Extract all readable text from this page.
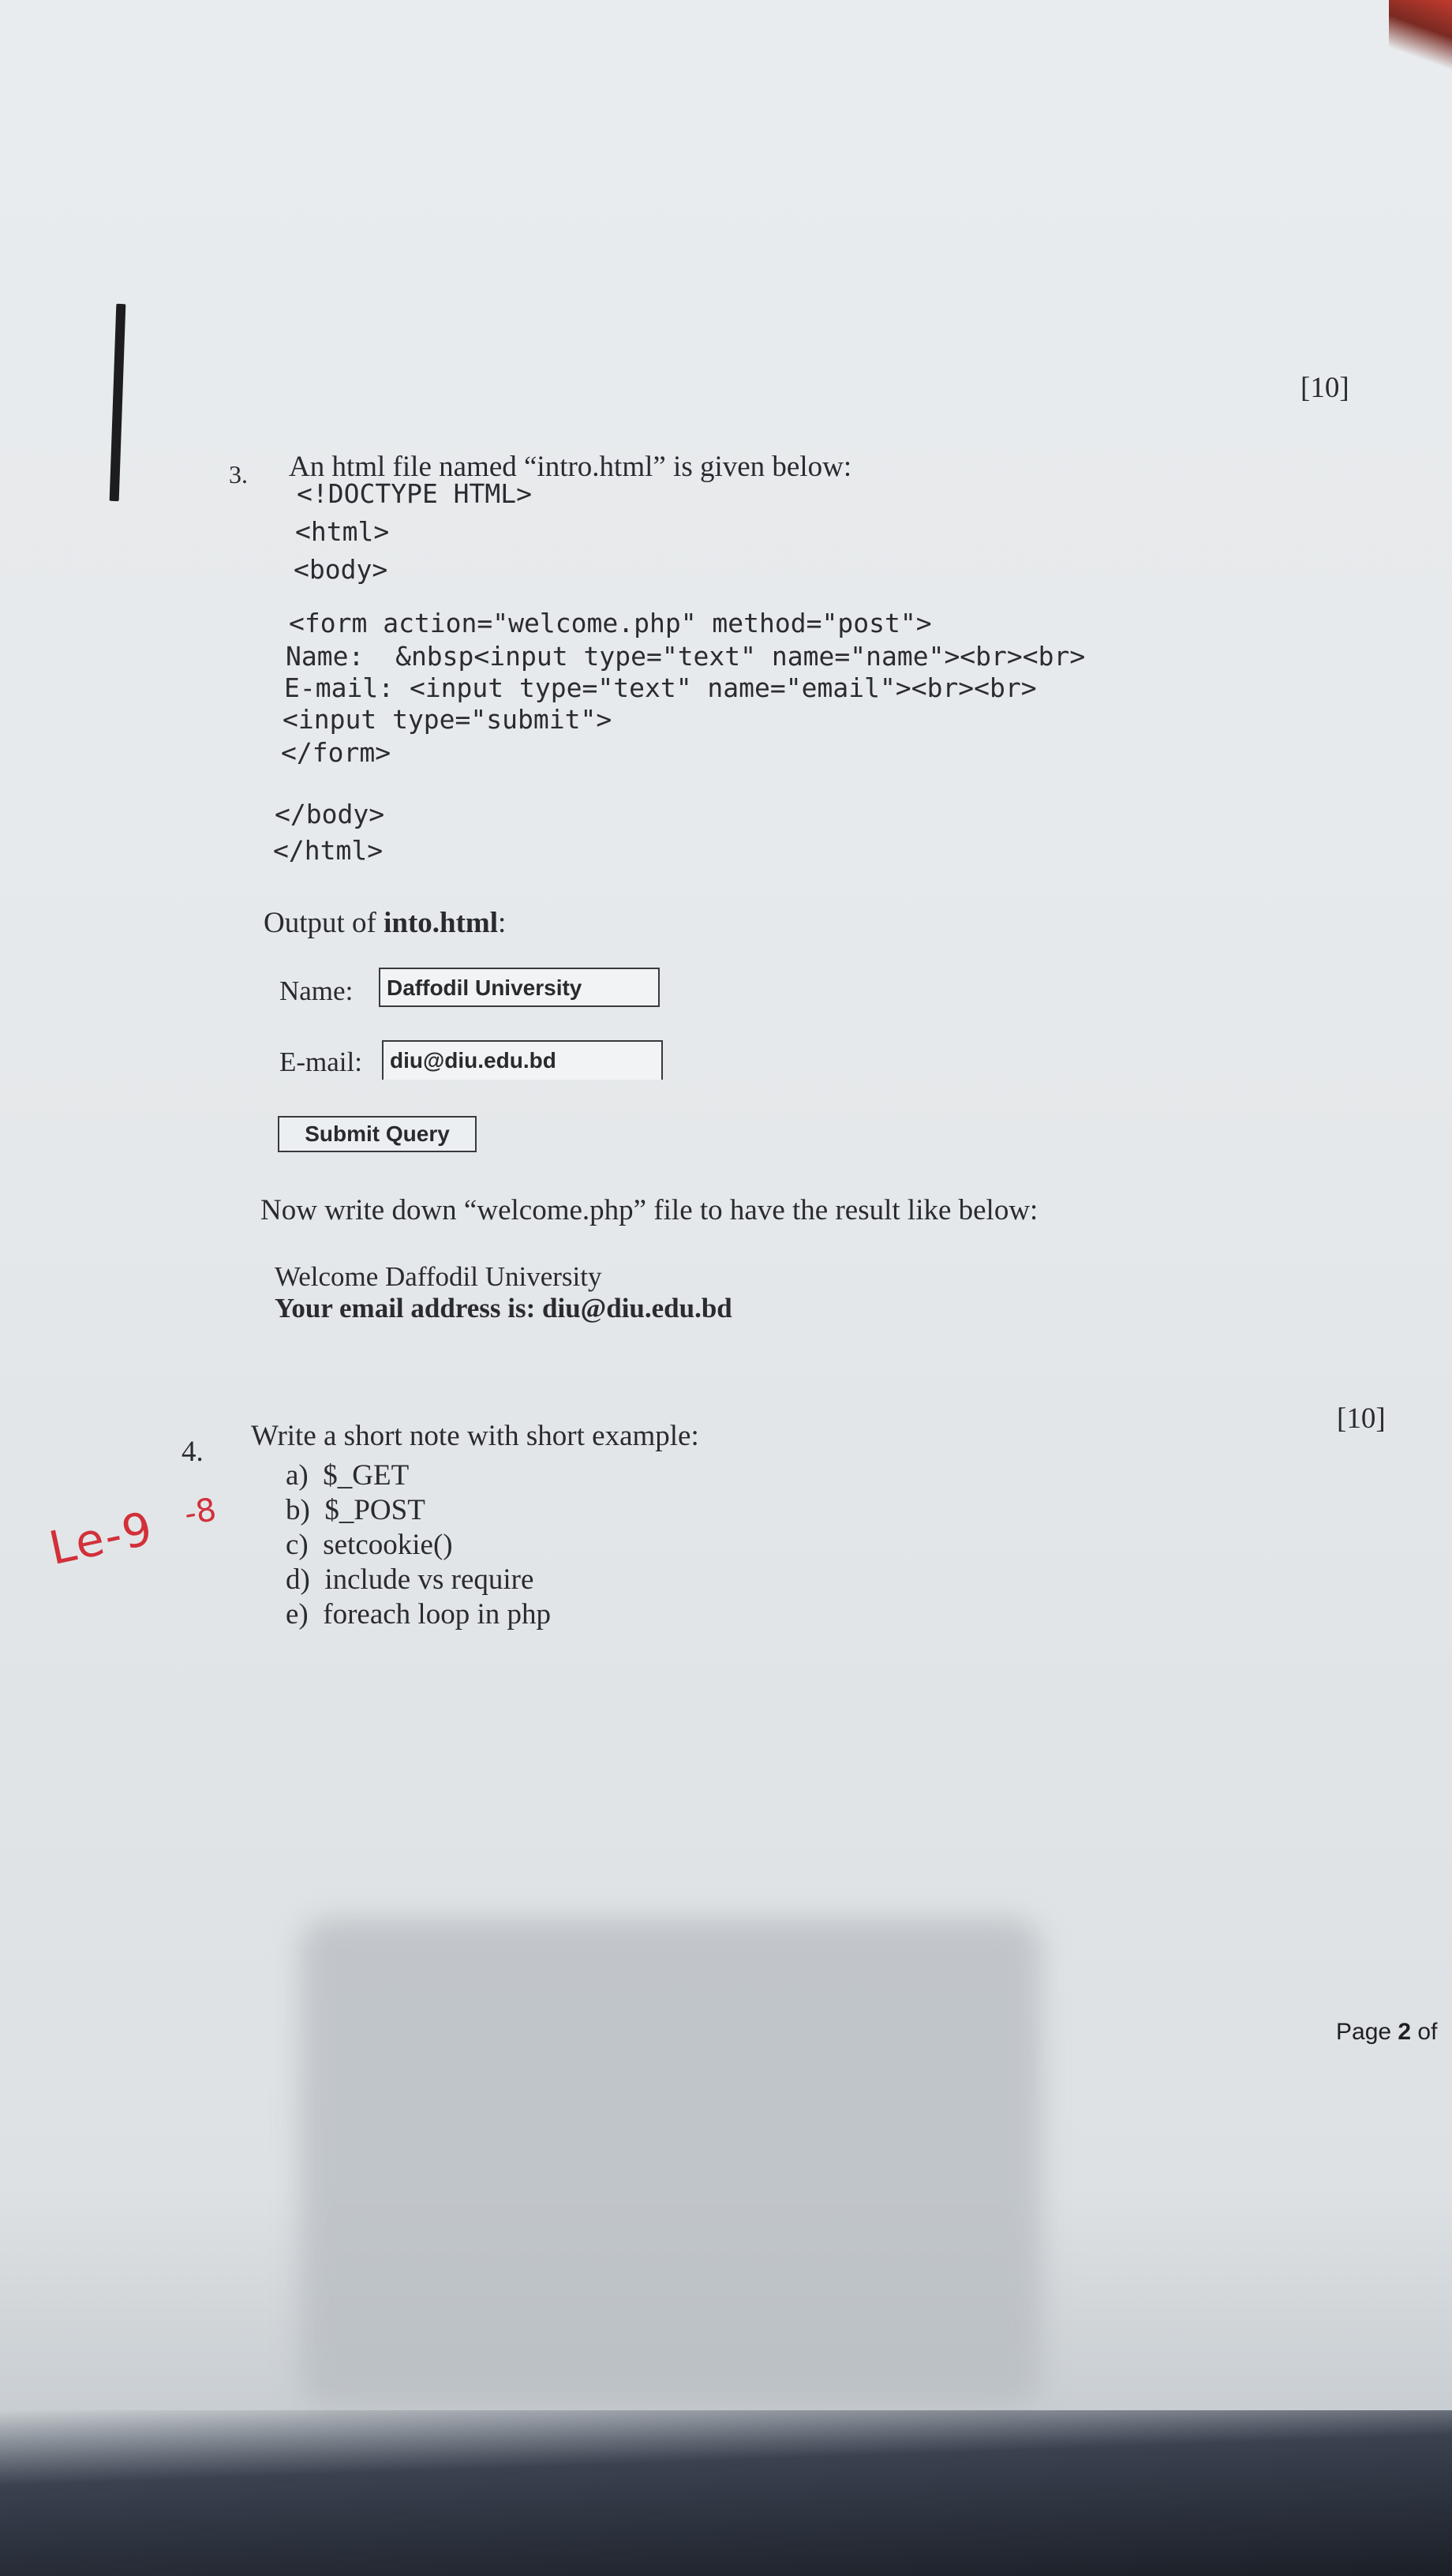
[10]
3. An html file named “intro.html” is given below:
<!DOCTYPE HTML>
<html>
<body>
<form action="welcome.php" method="post">
Name:  &nbsp<input type="text" name="name"><br><br>
E-mail: <input type="text" name="email"><br><br>
<input type="submit">
</form>
</body>
</html>
Output of into.html:
Name:	Daffodil University
E-mail:	diu@diu.edu.bd
Submit Query
Now write down “welcome.php” file to have the result like below:
Welcome Daffodil University
Your email address is: diu@diu.edu.bd
[10]
4. Write a short note with short example:
a) $_GET
b) $_POST
c) setcookie()
d) include vs require
e) foreach loop in php
Le-9 -8
Page 2 of
